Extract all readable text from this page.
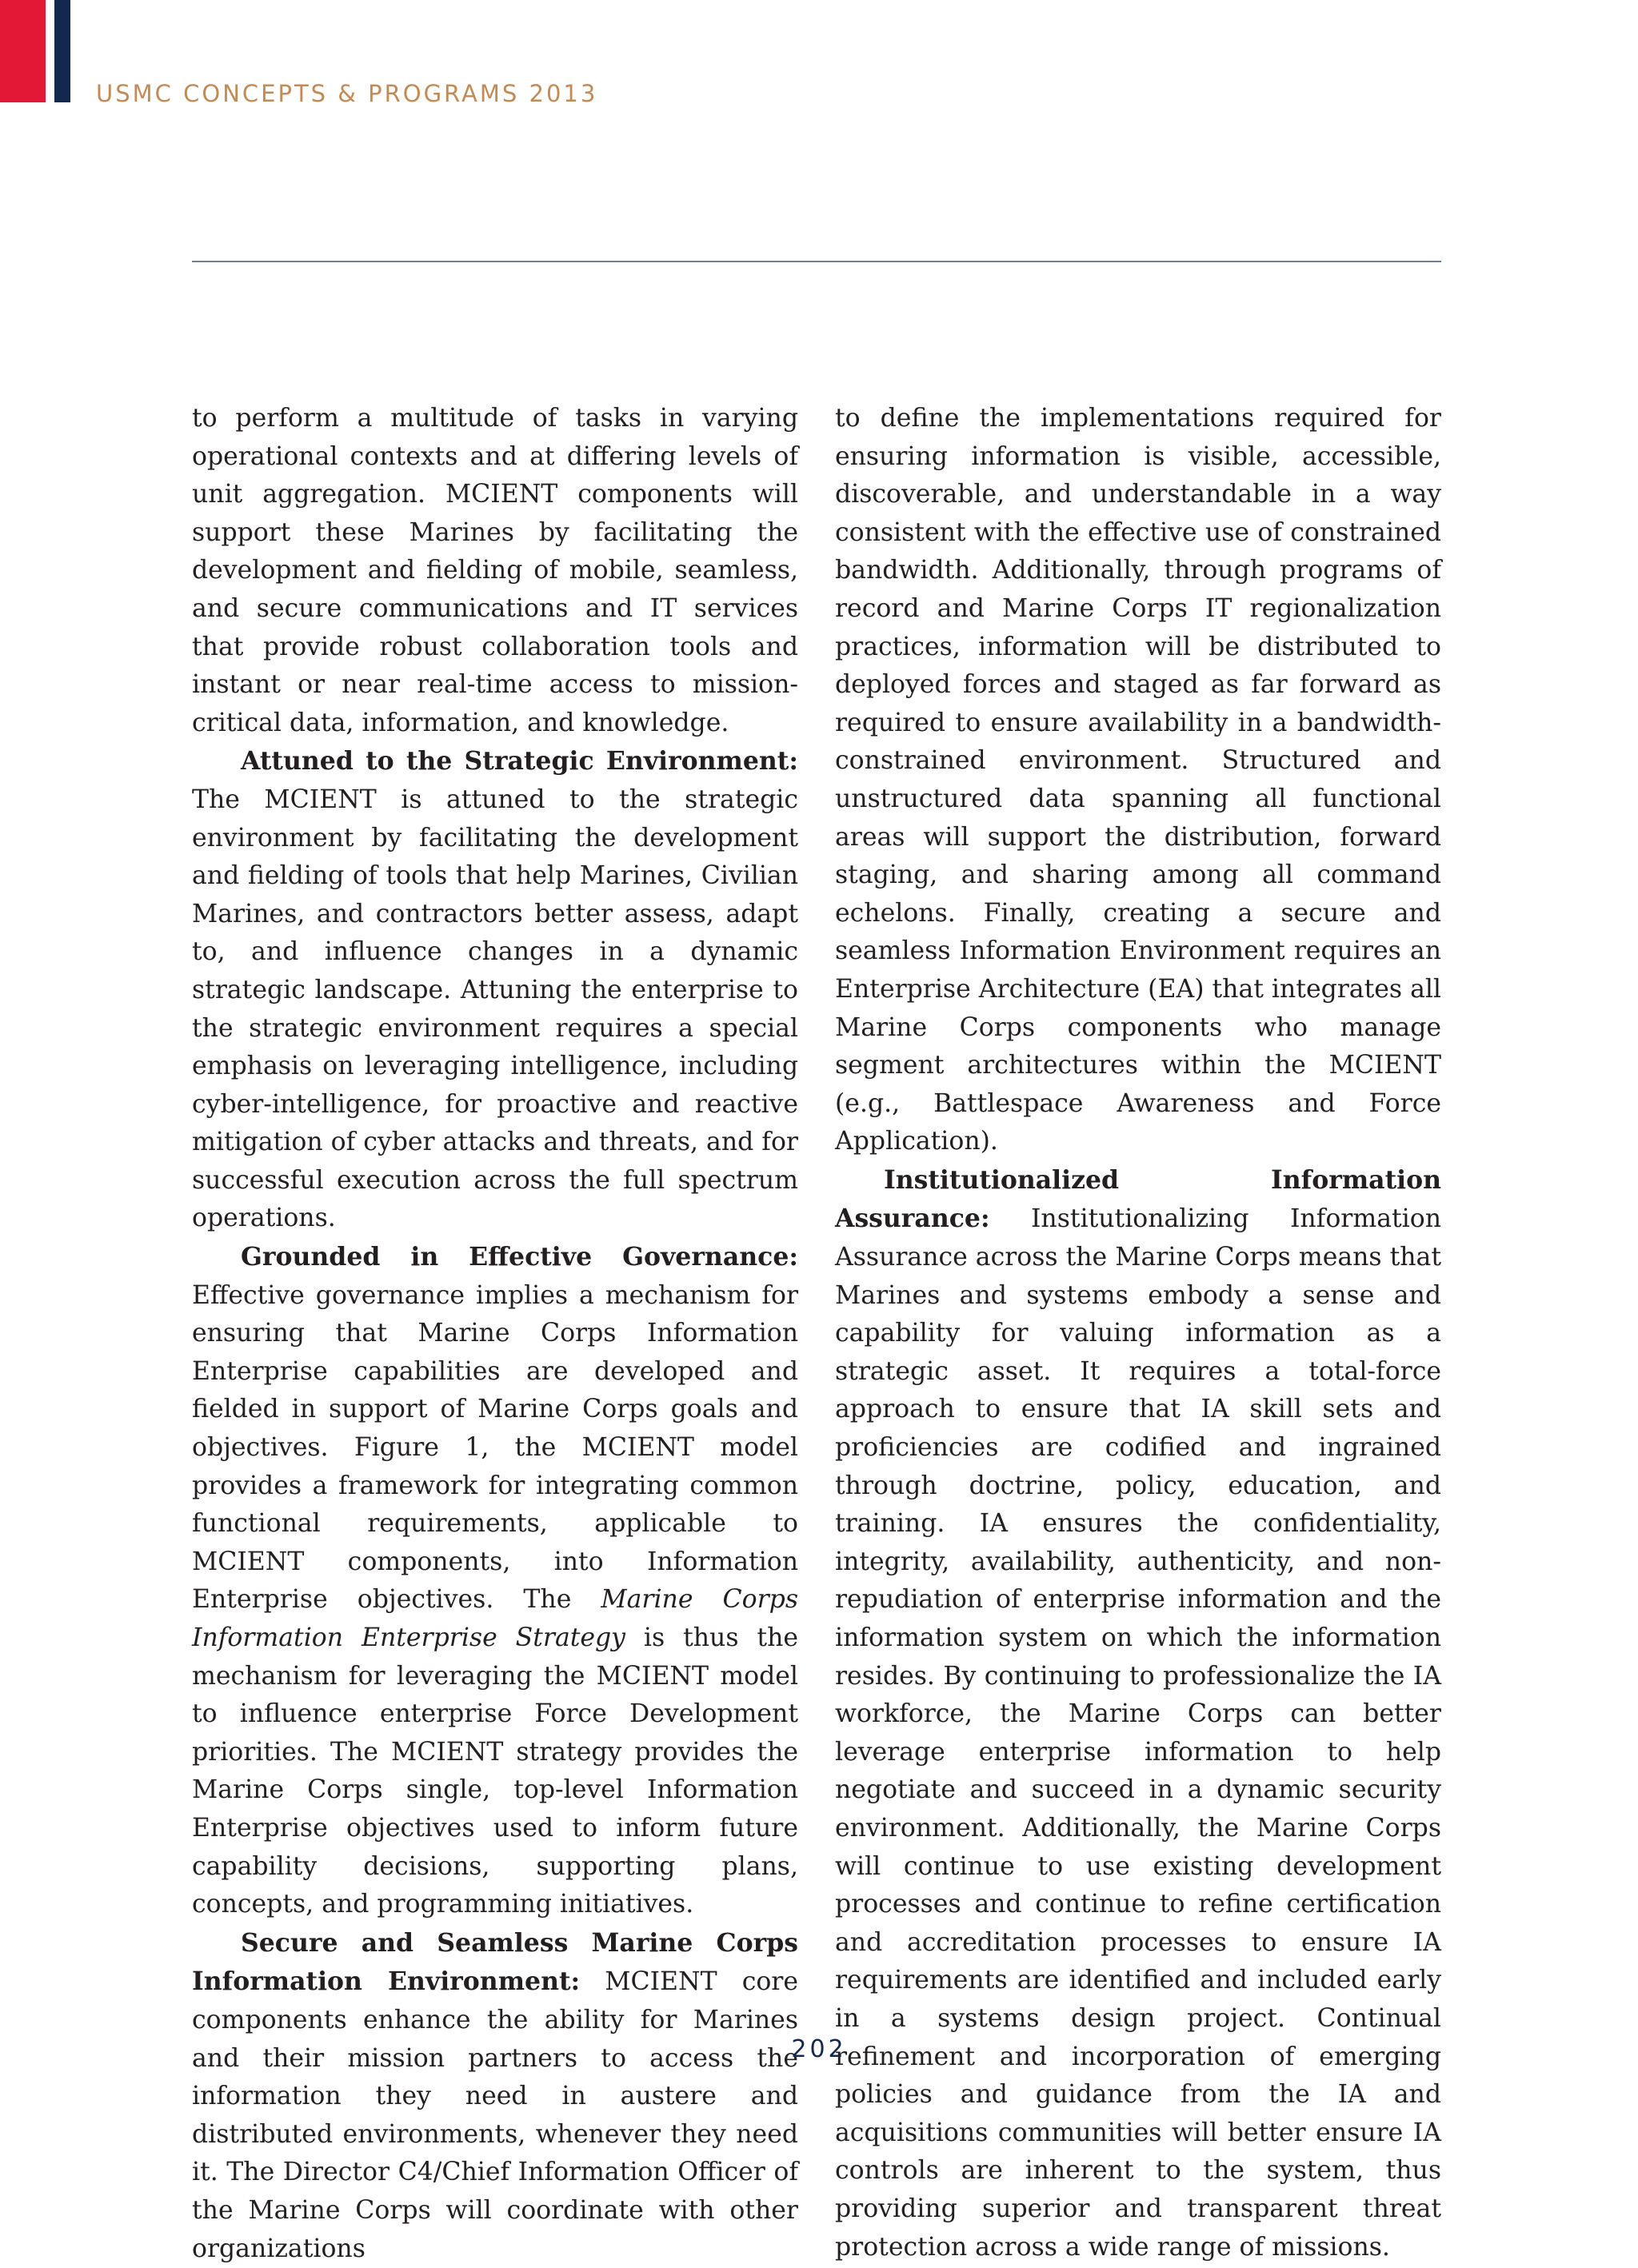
USMC CONCEPTS & PROGRAMS 2013

to perform a multitude of tasks in varying operational contexts and at differing levels of unit aggregation. MCIENT components will support these Marines by facilitating the development and fielding of mobile, seamless, and secure communications and IT services that provide robust collaboration tools and instant or near real-time access to mission-critical data, information, and knowledge.

Attuned to the Strategic Environment: The MCIENT is attuned to the strategic environment by facilitating the development and fielding of tools that help Marines, Civilian Marines, and contractors better assess, adapt to, and influence changes in a dynamic strategic landscape. Attuning the enterprise to the strategic environment requires a special emphasis on leveraging intelligence, including cyber-intelligence, for proactive and reactive mitigation of cyber attacks and threats, and for successful execution across the full spectrum operations.

Grounded in Effective Governance: Effective governance implies a mechanism for ensuring that Marine Corps Information Enterprise capabilities are developed and fielded in support of Marine Corps goals and objectives. Figure 1, the MCIENT model provides a framework for integrating common functional requirements, applicable to MCIENT components, into Information Enterprise objectives. The Marine Corps Information Enterprise Strategy is thus the mechanism for leveraging the MCIENT model to influence enterprise Force Development priorities. The MCIENT strategy provides the Marine Corps single, top-level Information Enterprise objectives used to inform future capability decisions, supporting plans, concepts, and programming initiatives.

Secure and Seamless Marine Corps Information Environment: MCIENT core components enhance the ability for Marines and their mission partners to access the information they need in austere and distributed environments, whenever they need it. The Director C4/Chief Information Officer of the Marine Corps will coordinate with other organizations

to define the implementations required for ensuring information is visible, accessible, discoverable, and understandable in a way consistent with the effective use of constrained bandwidth. Additionally, through programs of record and Marine Corps IT regionalization practices, information will be distributed to deployed forces and staged as far forward as required to ensure availability in a bandwidth-constrained environment. Structured and unstructured data spanning all functional areas will support the distribution, forward staging, and sharing among all command echelons. Finally, creating a secure and seamless Information Environment requires an Enterprise Architecture (EA) that integrates all Marine Corps components who manage segment architectures within the MCIENT (e.g., Battlespace Awareness and Force Application).

Institutionalized Information Assurance: Institutionalizing Information Assurance across the Marine Corps means that Marines and systems embody a sense and capability for valuing information as a strategic asset. It requires a total-force approach to ensure that IA skill sets and proficiencies are codified and ingrained through doctrine, policy, education, and training. IA ensures the confidentiality, integrity, availability, authenticity, and non-repudiation of enterprise information and the information system on which the information resides. By continuing to professionalize the IA workforce, the Marine Corps can better leverage enterprise information to help negotiate and succeed in a dynamic security environment. Additionally, the Marine Corps will continue to use existing development processes and continue to refine certification and accreditation processes to ensure IA requirements are identified and included early in a systems design project. Continual refinement and incorporation of emerging policies and guidance from the IA and acquisitions communities will better ensure IA controls are inherent to the system, thus providing superior and transparent threat protection across a wide range of missions.

202
